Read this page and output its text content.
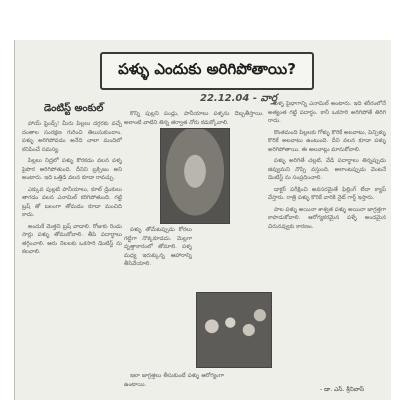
పళ్ళు ఎందుకు అరిగిపోతాయి?
22.12.04 - వార్త
డెంటిస్ట్ అంకుల్

హాయ్ ఫ్రెండ్స్! మీరు పిల్లలు దగ్గరకు వచ్చే దంతాల సంరక్షణ గురించి తెలుసుకుందాం. పళ్ళు అరిగిపోవడం అనేది చాలా మందిలో కనిపించే సమస్య.

పిల్లలు నిద్రలో పళ్ళు కొరకడం వలన పళ్ళ పైపొర అరిగిపోతుంది. దీనిని బ్రక్సిజం అని అంటారు. ఇది ఒత్తిడి వలన కూడా రావచ్చు.

ఎక్కువ పుల్లటి పానీయాలు, కూల్ డ్రింకులు తాగడం వలన ఎనామిల్ కరిగిపోతుంది. గట్టి బ్రష్ తో బలంగా తోమడం కూడా మంచిది కాదు.

అందుకే మెత్తని బ్రష్ వాడాలి. రోజుకు రెండు సార్లు పళ్ళు తోముకోవాలి. తీపి పదార్థాలు తగ్గించాలి. ఆరు నెలలకు ఒకసారి డెంటిస్ట్ ను కలవాలి.

కొన్ని పుల్లని పండ్లు, పానీయాలు పళ్ళను దెబ్బతీస్తాయి. అలాంటి వాటిని తిన్న తర్వాత నోరు కడుక్కోవాలి.

పళ్ళు తోమేటప్పుడు కోరలు గట్టిగా నొక్కకూడదు. మెల్లగా వృత్తాకారంలో తోమాలి. పళ్ళ మధ్య ఇరుక్కున్న ఆహారాన్ని తీసివేయాలి.

ఇలా జాగ్రత్తలు తీసుకుంటే పళ్ళు ఆరోగ్యంగా ఉంటాయి.

పళ్ళ పైభాగాన్ని ఎనామిల్ అంటారు. ఇది శరీరంలోనే అత్యంత గట్టి పదార్థం. కానీ ఒకసారి అరిగిపోతే తిరిగి రాదు.

కొంతమంది పిల్లలకు గోళ్ళు కొరికే అలవాటు, పెన్సిళ్ళు కొరికే అలవాటు ఉంటుంది. దీని వలన కూడా పళ్ళు అరిగిపోతాయి. ఈ అలవాట్లు మానుకోవాలి.

పళ్ళు అరిగితే చల్లటి, వేడి పదార్థాలు తిన్నప్పుడు జివ్వుమని నొప్పి వస్తుంది. అలాంటప్పుడు వెంటనే డెంటిస్ట్ ను సంప్రదించాలి.

డాక్టర్ పరీక్షించి అవసరమైతే ఫిల్లింగ్ లేదా క్యాప్ వేస్తారు. రాత్రి పళ్ళు కొరికే వారికి నైట్ గార్డ్ ఇస్తారు.

పాల పళ్ళు అయినా శాశ్వత పళ్ళు అయినా జాగ్రత్తగా కాపాడుకోవాలి. ఆరోగ్యకరమైన పళ్ళే అందమైన చిరునవ్వుకు కారణం.

- డా. ఎస్. శ్రీనివాస్
